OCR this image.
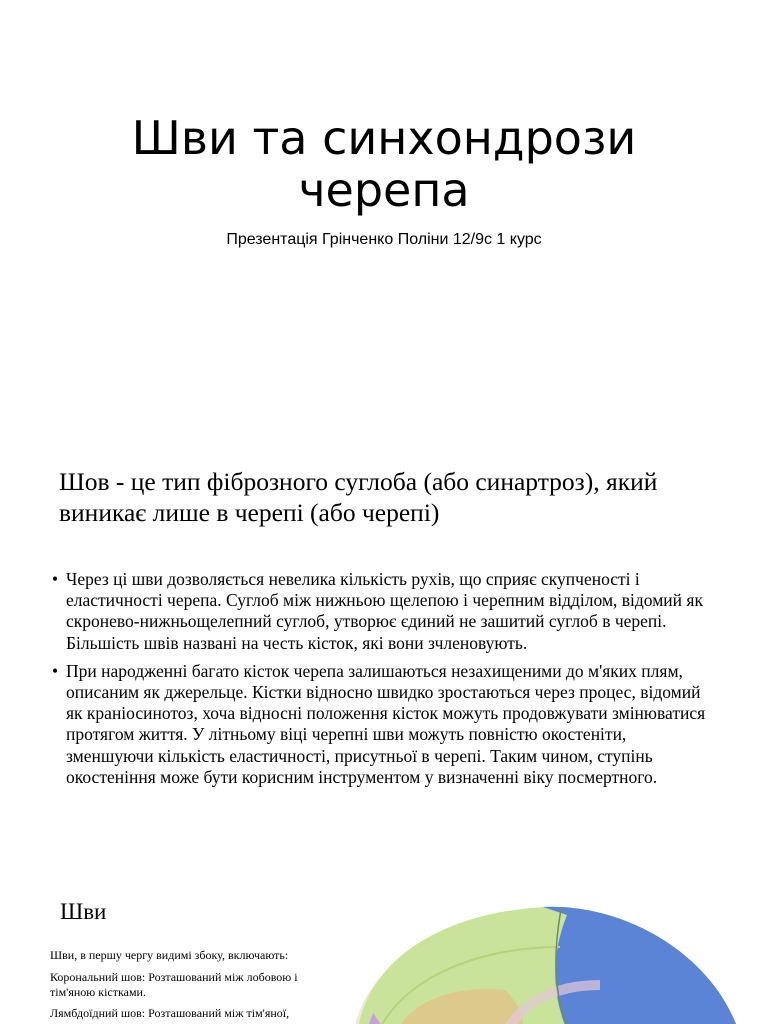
Шви та синхондрози черепа

Презентація Грінченко Поліни 12/9с 1 курс

Шов - це тип фіброзного суглоба (або синартроз), який виникає лише в черепі (або черепі)
• Через ці шви дозволяється невелика кількість рухів, що сприяє скупченості і еластичності черепа. Суглоб між нижньою щелепою і черепним відділом, відомий як скронево-нижньощелепний суглоб, утворює єдиний не зашитий суглоб в черепі. Більшість швів названі на честь кісток, які вони зчленовують.
• При народженні багато кісток черепа залишаються незахищеними до м'яких плям, описаним як джерельце. Кістки відносно швидко зростаються через процес, відомий як краніосинотоз, хоча відносні положення кісток можуть продовжувати змінюватися протягом життя. У літньому віці черепні шви можуть повністю окостеніти, зменшуючи кількість еластичності, присутньої в черепі. Таким чином, ступінь окостеніння може бути корисним інструментом у визначенні віку посмертного.
Шви

Шви, в першу чергу видимі збоку, включають:

Корональний шов: Розташований між лобовою і тім'яною кістками.

Лямбдоїдний шов: Розташований між тім'яної,
